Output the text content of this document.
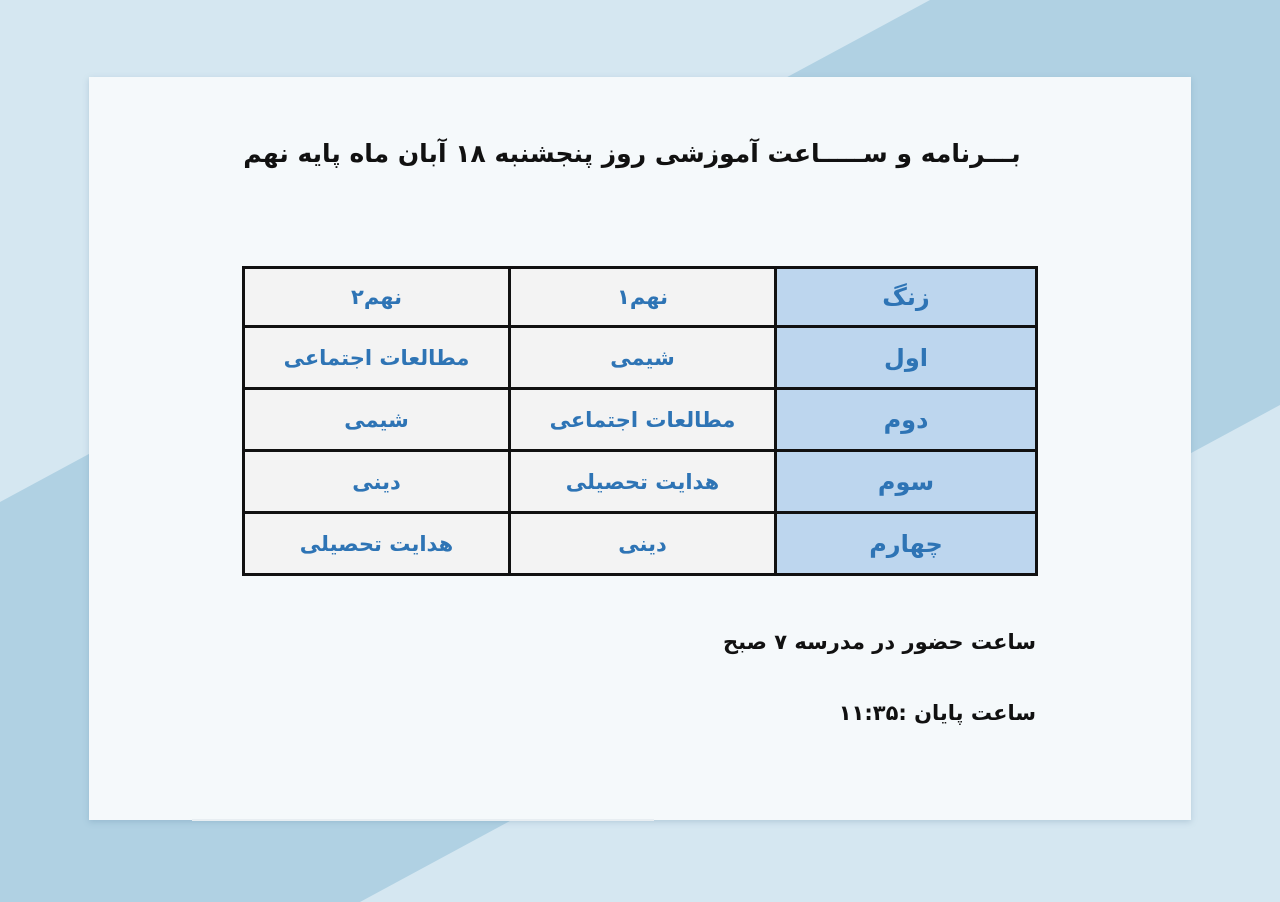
بـــرنامه و ســـــاعت آموزشی روز پنجشنبه ۱۸ آبان ماه پایه نهم
زنگ	نهم۱	نهم۲
اول	شیمی	مطالعات اجتماعی
دوم	مطالعات اجتماعی	شیمی
سوم	هدایت تحصیلی	دینی
چهارم	دینی	هدایت تحصیلی
ساعت حضور در مدرسه ۷ صبح
ساعت پایان :۱۱:۳۵
